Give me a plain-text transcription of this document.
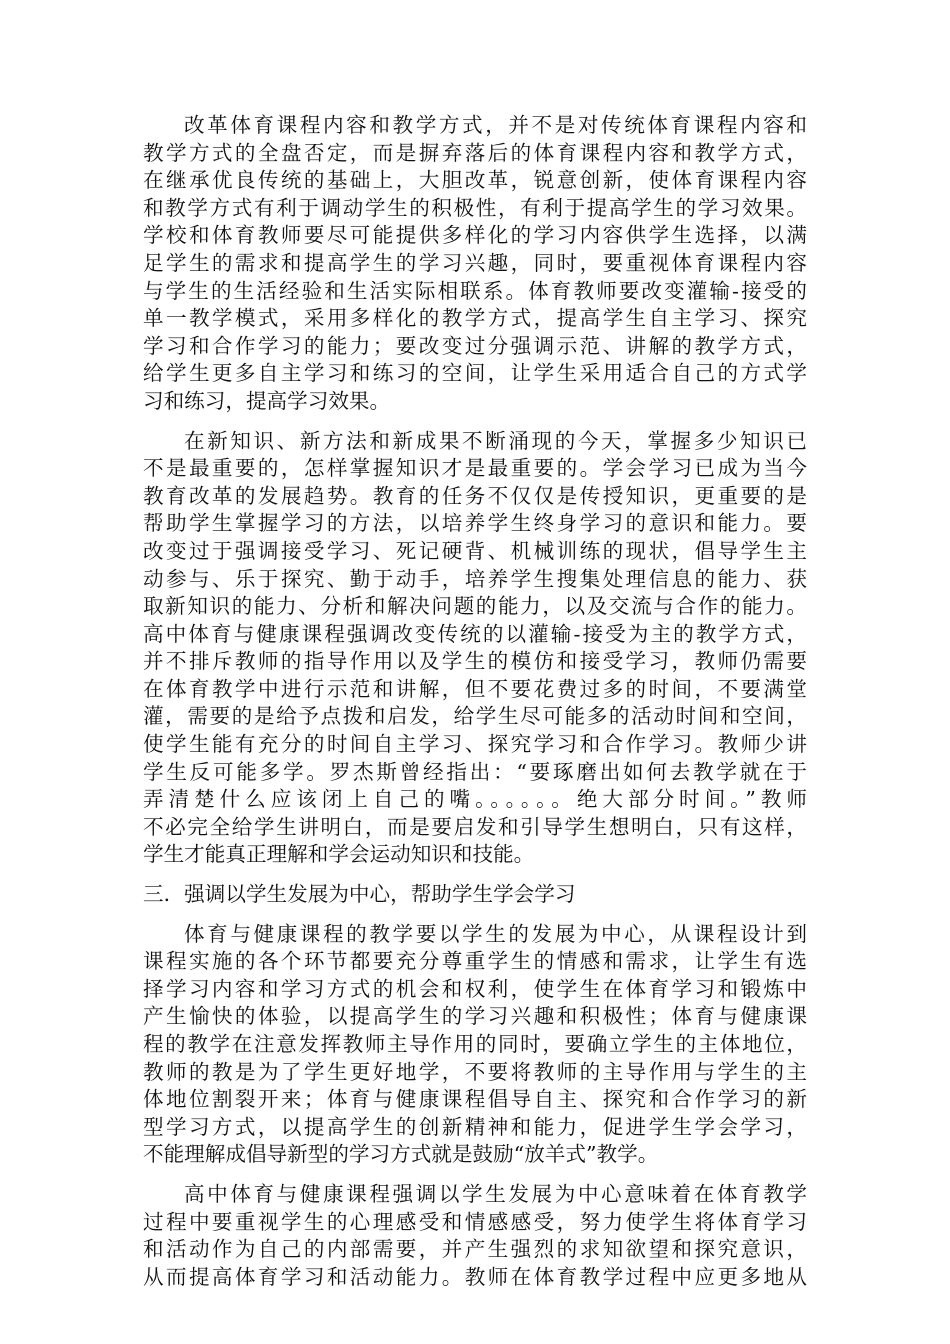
改革体育课程内容和教学方式，并不是对传统体育课程内容和
教学方式的全盘否定，而是摒弃落后的体育课程内容和教学方式，
在继承优良传统的基础上，大胆改革，锐意创新，使体育课程内容
和教学方式有利于调动学生的积极性，有利于提高学生的学习效果。
学校和体育教师要尽可能提供多样化的学习内容供学生选择，以满
足学生的需求和提高学生的学习兴趣，同时，要重视体育课程内容
与学生的生活经验和生活实际相联系。体育教师要改变灌输-接受的
单一教学模式，采用多样化的教学方式，提高学生自主学习、探究
学习和合作学习的能力；要改变过分强调示范、讲解的教学方式，
给学生更多自主学习和练习的空间，让学生采用适合自己的方式学
习和练习，提高学习效果。
在新知识、新方法和新成果不断涌现的今天，掌握多少知识已
不是最重要的，怎样掌握知识才是最重要的。学会学习已成为当今
教育改革的发展趋势。教育的任务不仅仅是传授知识，更重要的是
帮助学生掌握学习的方法，以培养学生终身学习的意识和能力。要
改变过于强调接受学习、死记硬背、机械训练的现状，倡导学生主
动参与、乐于探究、勤于动手，培养学生搜集处理信息的能力、获
取新知识的能力、分析和解决问题的能力，以及交流与合作的能力。
高中体育与健康课程强调改变传统的以灌输-接受为主的教学方式，
并不排斥教师的指导作用以及学生的模仿和接受学习，教师仍需要
在体育教学中进行示范和讲解，但不要花费过多的时间，不要满堂
灌，需要的是给予点拨和启发，给学生尽可能多的活动时间和空间，
使学生能有充分的时间自主学习、探究学习和合作学习。教师少讲
学生反可能多学。罗杰斯曾经指出：“要琢磨出如何去教学就在于
弄清楚什么应该闭上自己的嘴。。。。。。绝大部分时间。”教师
不必完全给学生讲明白，而是要启发和引导学生想明白，只有这样，
学生才能真正理解和学会运动知识和技能。
三．强调以学生发展为中心，帮助学生学会学习
体育与健康课程的教学要以学生的发展为中心，从课程设计到
课程实施的各个环节都要充分尊重学生的情感和需求，让学生有选
择学习内容和学习方式的机会和权利，使学生在体育学习和锻炼中
产生愉快的体验，以提高学生的学习兴趣和积极性；体育与健康课
程的教学在注意发挥教师主导作用的同时，要确立学生的主体地位，
教师的教是为了学生更好地学，不要将教师的主导作用与学生的主
体地位割裂开来；体育与健康课程倡导自主、探究和合作学习的新
型学习方式，以提高学生的创新精神和能力，促进学生学会学习，
不能理解成倡导新型的学习方式就是鼓励“放羊式”教学。
高中体育与健康课程强调以学生发展为中心意味着在体育教学
过程中要重视学生的心理感受和情感感受，努力使学生将体育学习
和活动作为自己的内部需要，并产生强烈的求知欲望和探究意识，
从而提高体育学习和活动能力。教师在体育教学过程中应更多地从
